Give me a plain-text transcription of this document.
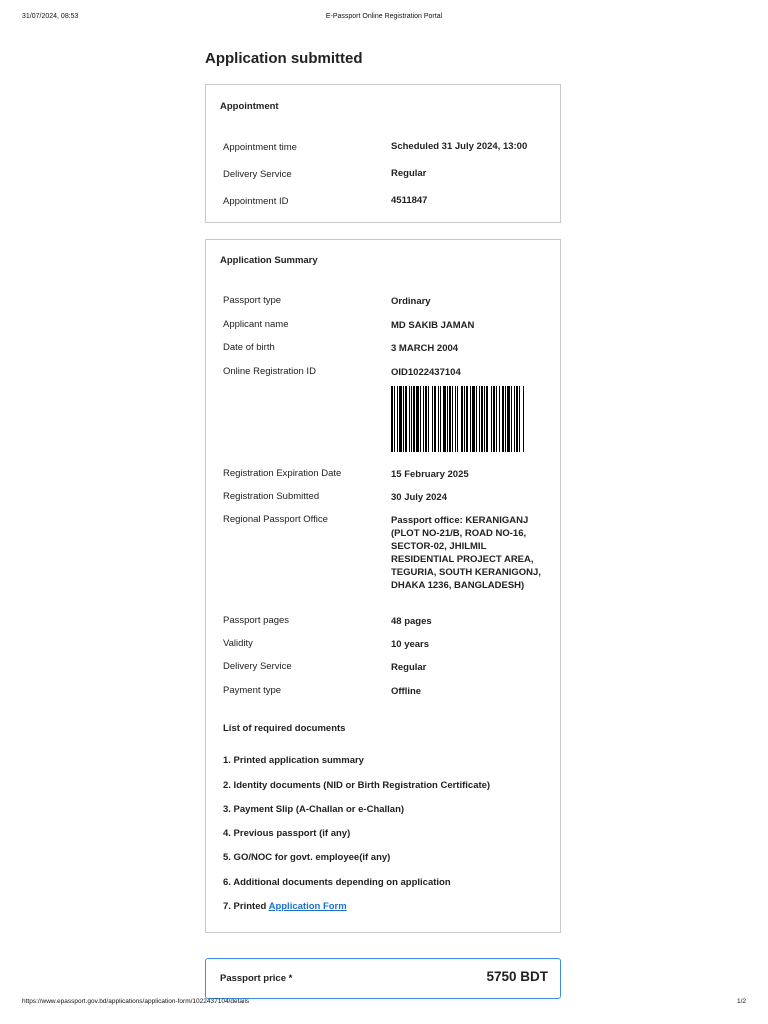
31/07/2024, 08:53	E-Passport Online Registration Portal
Application submitted
Appointment
Appointment time	Scheduled 31 July 2024, 13:00
Delivery Service	Regular
Appointment ID	4511847
Application Summary
Passport type	Ordinary
Applicant name	MD SAKIB JAMAN
Date of birth	3 MARCH 2004
Online Registration ID	OID1022437104
Registration Expiration Date	15 February 2025
Registration Submitted	30 July 2024
Regional Passport Office	Passport office: KERANIGANJ (PLOT NO-21/B, ROAD NO-16, SECTOR-02, JHILMIL RESIDENTIAL PROJECT AREA, TEGURIA, SOUTH KERANIGONJ, DHAKA 1236, BANGLADESH)
Passport pages	48 pages
Validity	10 years
Delivery Service	Regular
Payment type	Offline
List of required documents
1. Printed application summary
2. Identity documents (NID or Birth Registration Certificate)
3. Payment Slip (A-Challan or e-Challan)
4. Previous passport (if any)
5. GO/NOC for govt. employee(if any)
6. Additional documents depending on application
7. Printed Application Form
Passport price *	5750 BDT
https://www.epassport.gov.bd/applications/application-form/1022437104/details	1/2
